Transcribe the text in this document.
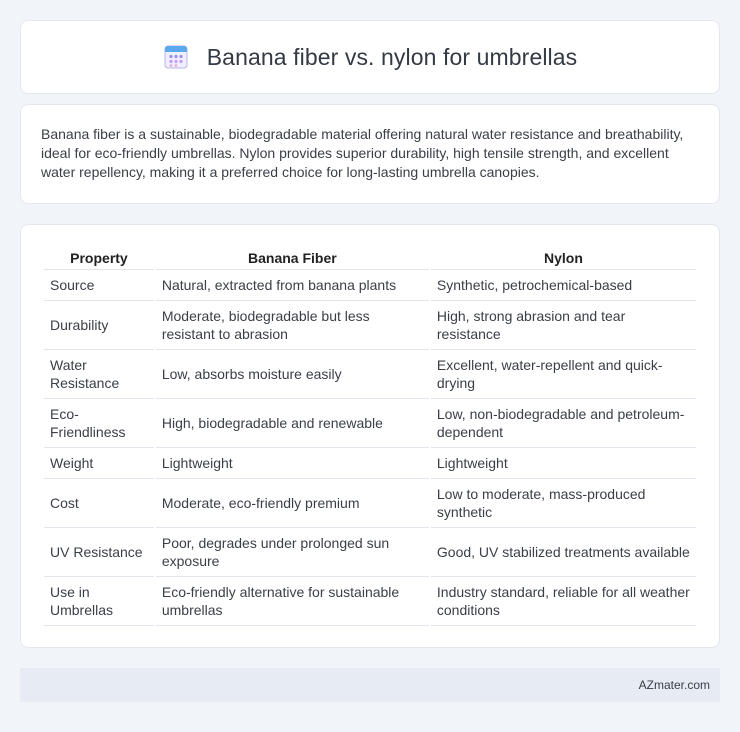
Banana fiber vs. nylon for umbrellas

Banana fiber is a sustainable, biodegradable material offering natural water resistance and breathability, ideal for eco-friendly umbrellas. Nylon provides superior durability, high tensile strength, and excellent water repellency, making it a preferred choice for long-lasting umbrella canopies.

Property	Banana Fiber	Nylon
Source	Natural, extracted from banana plants	Synthetic, petrochemical-based
Durability	Moderate, biodegradable but less resistant to abrasion	High, strong abrasion and tear resistance
Water Resistance	Low, absorbs moisture easily	Excellent, water-repellent and quick-drying
Eco-Friendliness	High, biodegradable and renewable	Low, non-biodegradable and petroleum-dependent
Weight	Lightweight	Lightweight
Cost	Moderate, eco-friendly premium	Low to moderate, mass-produced synthetic
UV Resistance	Poor, degrades under prolonged sun exposure	Good, UV stabilized treatments available
Use in Umbrellas	Eco-friendly alternative for sustainable umbrellas	Industry standard, reliable for all weather conditions
AZmater.com
